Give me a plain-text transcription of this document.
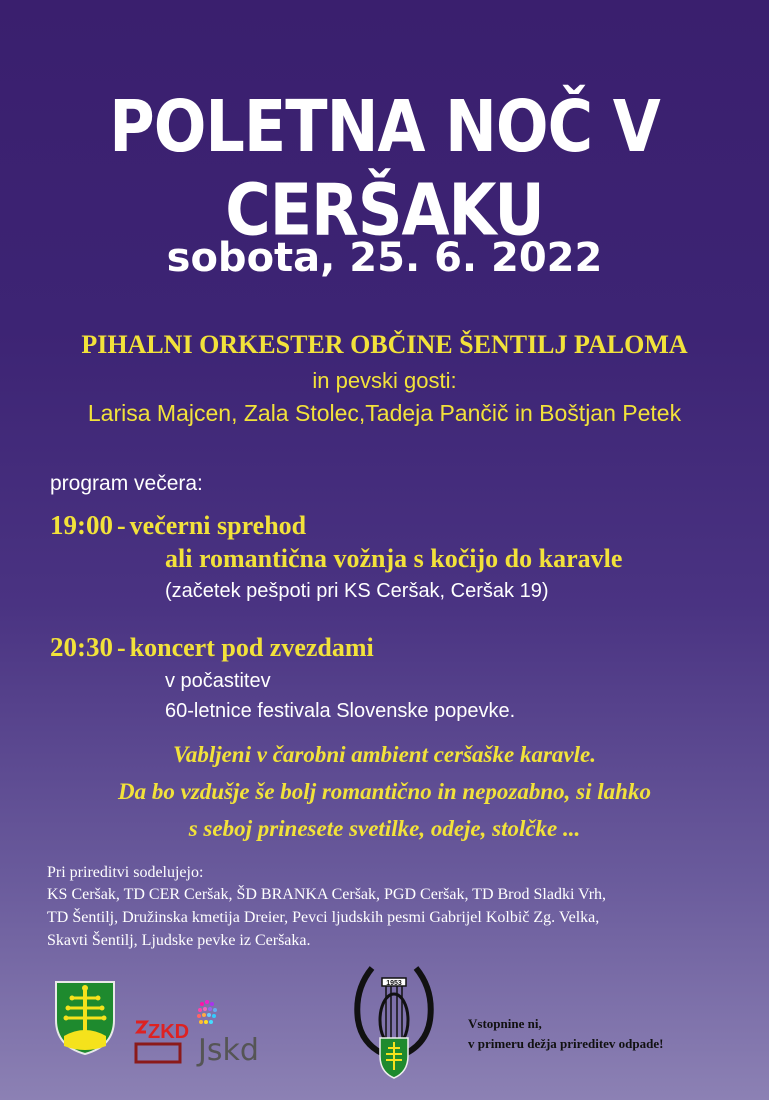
POLETNA NOČ V CERŠAKU
sobota, 25. 6. 2022
PIHALNI ORKESTER OBČINE ŠENTILJ PALOMA
in pevski gosti:
Larisa Majcen, Zala Stolec,Tadeja Pančič in Boštjan Petek
program večera:
19:00 - večerni sprehod
ali romantična vožnja s kočijo do karavle
(začetek pešpoti pri KS Ceršak, Ceršak 19)
20:30 - koncert pod zvezdami
v počastitev
60-letnice festivala Slovenske popevke.
Vabljeni v čarobni ambient ceršaške karavle.
Da bo vzdušje še bolj romantično in nepozabno, si lahko
s seboj prinesete svetilke, odeje, stolčke ...
Pri prireditvi sodelujejo:
KS Ceršak, TD CER Ceršak, ŠD BRANKA Ceršak, PGD Ceršak, TD Brod Sladki Vrh,
TD Šentilj, Družinska kmetija Dreier, Pevci ljudskih pesmi Gabrijel Kolbič Zg. Velka,
Skavti Šentilj, Ljudske pevke iz Ceršaka.
ZKD
Jskd
1953
Vstopnine ni,
v primeru dežja prireditev odpade!
